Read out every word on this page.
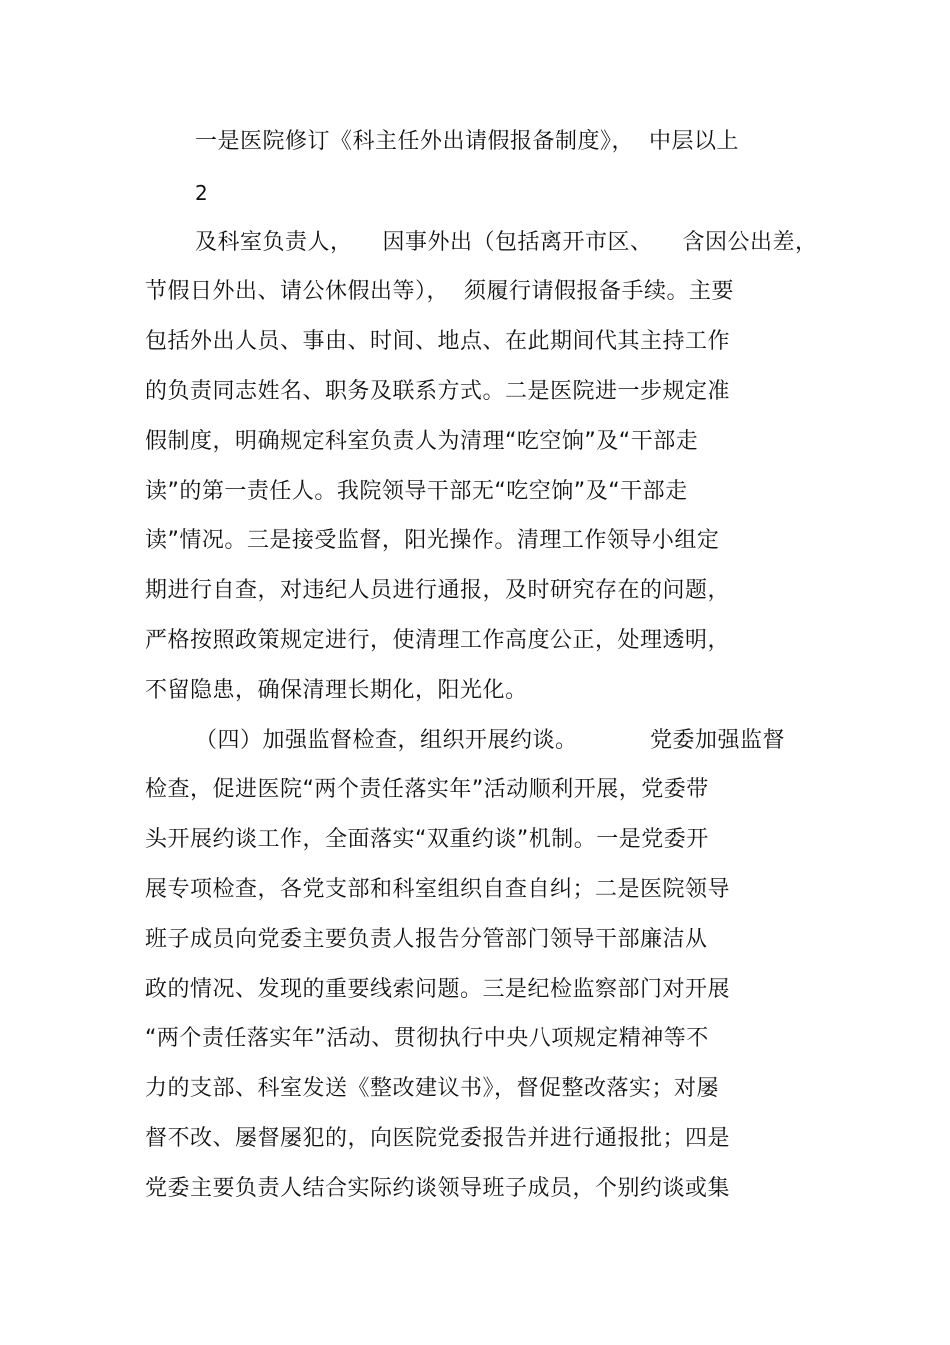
一是医院修订《科主任外出请假报备制度》，  中层以上
2
及科室负责人，    因事外出（包括离开市区、    含因公出差，
节假日外出、请公休假出等），  须履行请假报备手续。主要
包括外出人员、事由、时间、地点、在此期间代其主持工作
的负责同志姓名、职务及联系方式。二是医院进一步规定准
假制度，明确规定科室负责人为清理“吃空饷”及“干部走
读”的第一责任人。我院领导干部无“吃空饷”及“干部走
读”情况。三是接受监督，阳光操作。清理工作领导小组定
期进行自查，对违纪人员进行通报，及时研究存在的问题，
严格按照政策规定进行，使清理工作高度公正，处理透明，
不留隐患，确保清理长期化，阳光化。
（四）加强监督检查，组织开展约谈。	党委加强监督
检查，促进医院“两个责任落实年”活动顺利开展，党委带
头开展约谈工作，全面落实“双重约谈”机制。一是党委开
展专项检查，各党支部和科室组织自查自纠；二是医院领导
班子成员向党委主要负责人报告分管部门领导干部廉洁从
政的情况、发现的重要线索问题。三是纪检监察部门对开展
“两个责任落实年”活动、贯彻执行中央八项规定精神等不
力的支部、科室发送《整改建议书》，督促整改落实；对屡
督不改、屡督屡犯的，向医院党委报告并进行通报批；四是
党委主要负责人结合实际约谈领导班子成员，个别约谈或集
